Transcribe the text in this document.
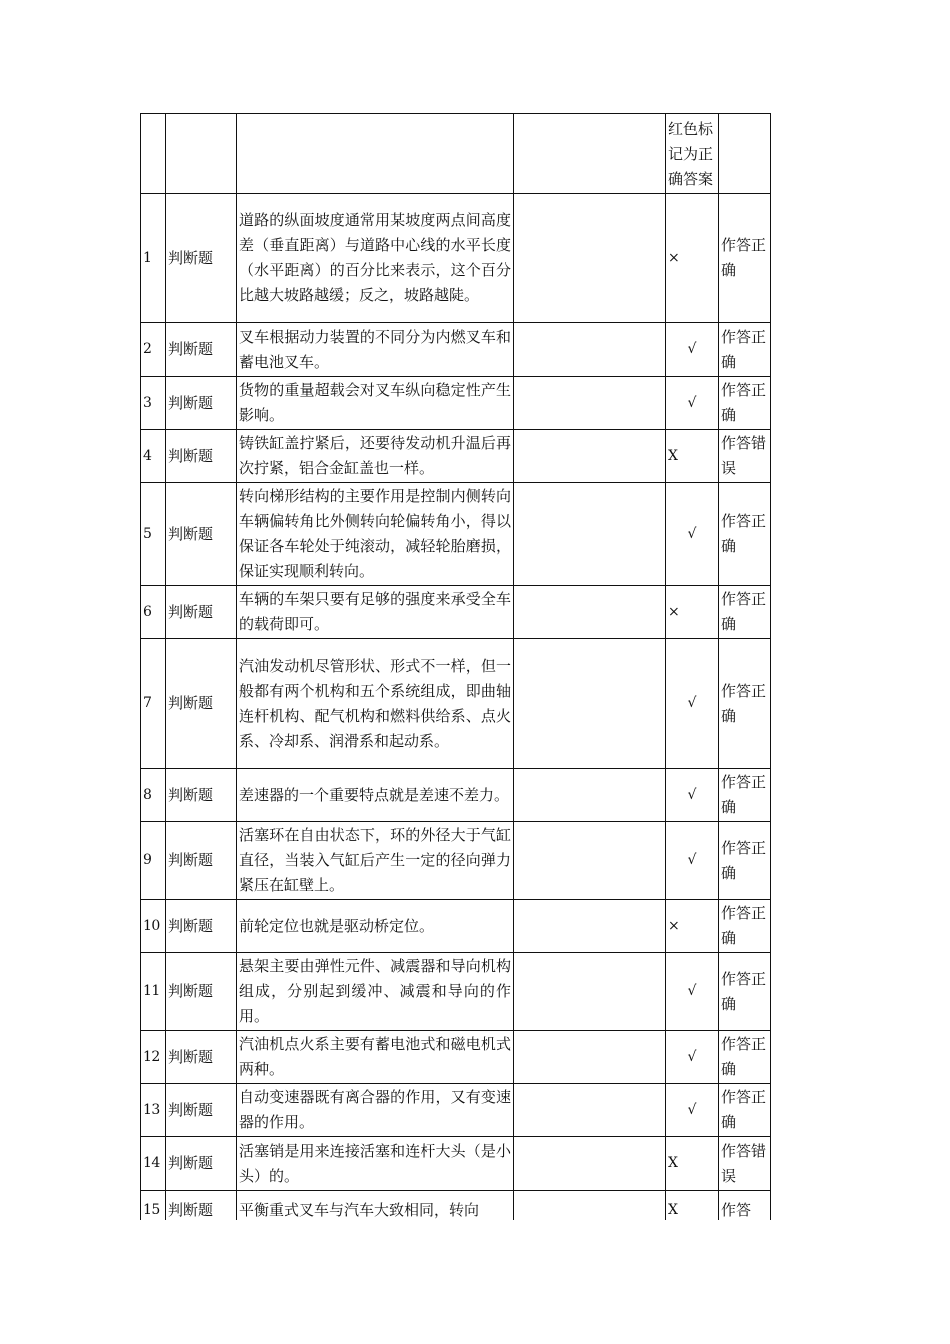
				红色标记为正确答案	

1	判断题	道路的纵面坡度通常用某坡度两点间高度差（垂直距离）与道路中心线的水平长度（水平距离）的百分比来表示，这个百分比越大坡路越缓；反之，坡路越陡。		×	作答正确
2	判断题	叉车根据动力装置的不同分为内燃叉车和蓄电池叉车。		√	作答正确
3	判断题	货物的重量超载会对叉车纵向稳定性产生影响。		√	作答正确
4	判断题	铸铁缸盖拧紧后，还要待发动机升温后再次拧紧，铝合金缸盖也一样。		X	作答错误
5	判断题	转向梯形结构的主要作用是控制内侧转向车辆偏转角比外侧转向轮偏转角小，得以保证各车轮处于纯滚动，减轻轮胎磨损，保证实现顺利转向。		√	作答正确
6	判断题	车辆的车架只要有足够的强度来承受全车的载荷即可。		×	作答正确
7	判断题	汽油发动机尽管形状、形式不一样，但一般都有两个机构和五个系统组成，即曲轴连杆机构、配气机构和燃料供给系、点火系、冷却系、润滑系和起动系。		√	作答正确
8	判断题	差速器的一个重要特点就是差速不差力。		√	作答正确
9	判断题	活塞环在自由状态下，环的外径大于气缸直径，当装入气缸后产生一定的径向弹力紧压在缸壁上。		√	作答正确
10	判断题	前轮定位也就是驱动桥定位。		×	作答正确
11	判断题	悬架主要由弹性元件、减震器和导向机构组成，分别起到缓冲、减震和导向的作用。		√	作答正确
12	判断题	汽油机点火系主要有蓄电池式和磁电机式两种。		√	作答正确
13	判断题	自动变速器既有离合器的作用，又有变速器的作用。		√	作答正确
14	判断题	活塞销是用来连接活塞和连杆大头（是小头）的。		X	作答错误
15	判断题	平衡重式叉车与汽车大致相同，转向		X	作答
